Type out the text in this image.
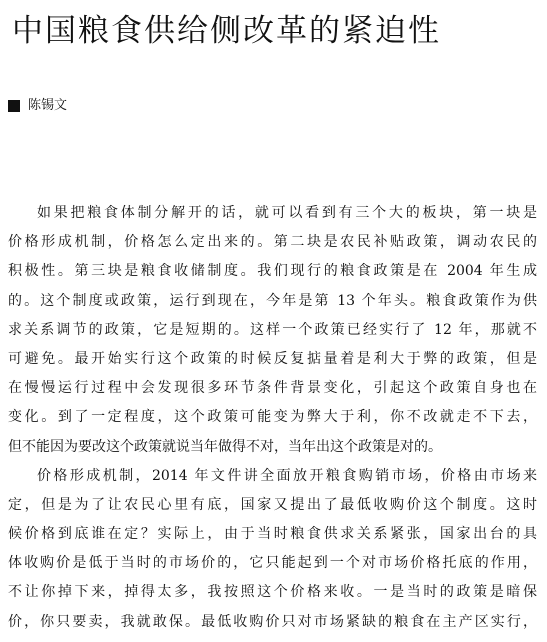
中国粮食供给侧改革的紧迫性
陈锡文
如果把粮食体制分解开的话，就可以看到有三个大的板块，第一块是
价格形成机制，价格怎么定出来的。第二块是农民补贴政策，调动农民的
积极性。第三块是粮食收储制度。我们现行的粮食政策是在 2004 年生成
的。这个制度或政策，运行到现在，今年是第 13 个年头。粮食政策作为供
求关系调节的政策，它是短期的。这样一个政策已经实行了 12 年，那就不
可避免。最开始实行这个政策的时候反复掂量着是利大于弊的政策，但是
在慢慢运行过程中会发现很多环节条件背景变化，引起这个政策自身也在
变化。到了一定程度，这个政策可能变为弊大于利，你不改就走不下去，
但不能因为要改这个政策就说当年做得不对，当年出这个政策是对的。
价格形成机制，2014 年文件讲全面放开粮食购销市场，价格由市场来
定，但是为了让农民心里有底，国家又提出了最低收购价这个制度。这时
候价格到底谁在定？实际上，由于当时粮食供求关系紧张，国家出台的具
体收购价是低于当时的市场价的，它只能起到一个对市场价格托底的作用，
不让你掉下来，掉得太多，我按照这个价格来收。一是当时的政策是暗保
价，你只要卖，我就敢保。最低收购价只对市场紧缺的粮食在主产区实行，
